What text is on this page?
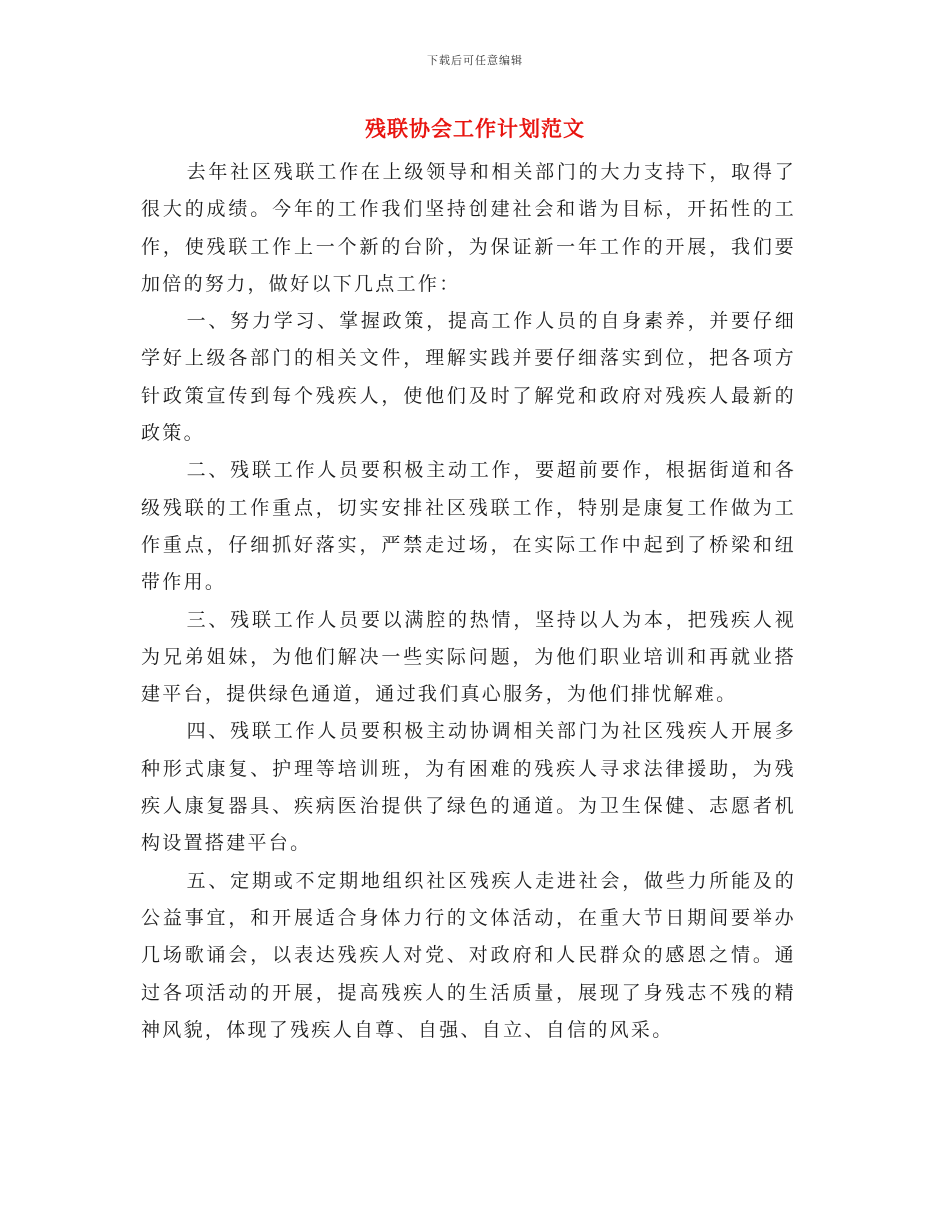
下载后可任意编辑
残联协会工作计划范文

去年社区残联工作在上级领导和相关部门的大力支持下，取得了很大的成绩。今年的工作我们坚持创建社会和谐为目标，开拓性的工作，使残联工作上一个新的台阶，为保证新一年工作的开展，我们要加倍的努力，做好以下几点工作：

一、努力学习、掌握政策，提高工作人员的自身素养，并要仔细学好上级各部门的相关文件，理解实践并要仔细落实到位，把各项方针政策宣传到每个残疾人，使他们及时了解党和政府对残疾人最新的政策。

二、残联工作人员要积极主动工作，要超前要作，根据街道和各级残联的工作重点，切实安排社区残联工作，特别是康复工作做为工作重点，仔细抓好落实，严禁走过场，在实际工作中起到了桥梁和纽带作用。

三、残联工作人员要以满腔的热情，坚持以人为本，把残疾人视为兄弟姐妹，为他们解决一些实际问题，为他们职业培训和再就业搭建平台，提供绿色通道，通过我们真心服务，为他们排忧解难。

四、残联工作人员要积极主动协调相关部门为社区残疾人开展多种形式康复、护理等培训班，为有困难的残疾人寻求法律援助，为残疾人康复器具、疾病医治提供了绿色的通道。为卫生保健、志愿者机构设置搭建平台。

五、定期或不定期地组织社区残疾人走进社会，做些力所能及的公益事宜，和开展适合身体力行的文体活动，在重大节日期间要举办几场歌诵会，以表达残疾人对党、对政府和人民群众的感恩之情。通过各项活动的开展，提高残疾人的生活质量，展现了身残志不残的精神风貌，体现了残疾人自尊、自强、自立、自信的风采。
